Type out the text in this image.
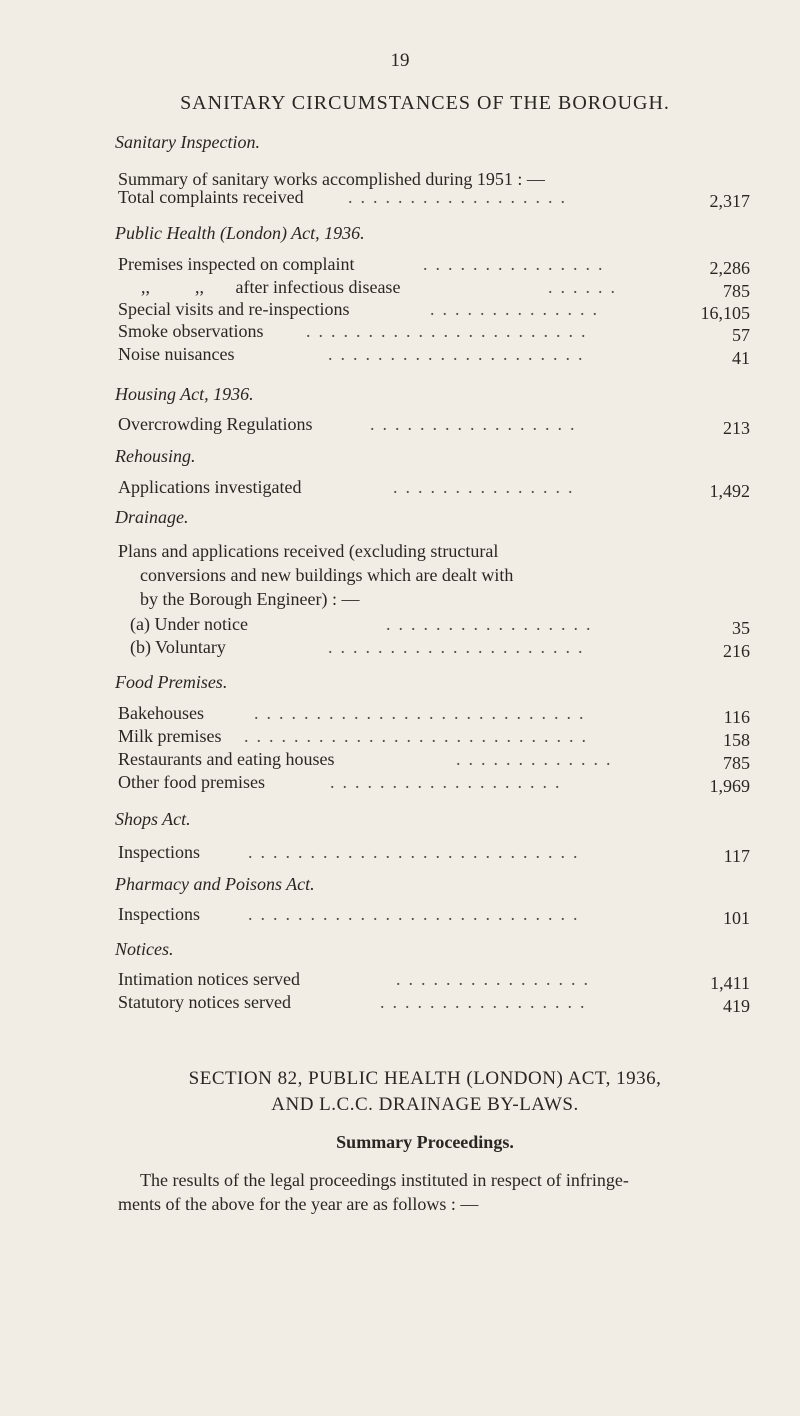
19
SANITARY CIRCUMSTANCES OF THE BOROUGH.
Sanitary Inspection.
Summary of sanitary works accomplished during 1951 : —
Total complaints received ..................	2,317
Public Health (London) Act, 1936.
Premises inspected on complaint	...............	2,286
,,          ,,       after infectious disease	......	785
Special visits and re-inspections	..............	16,105
Smoke observations .......................	57
Noise nuisances	.....................	41
Housing Act, 1936.
Overcrowding Regulations	.................	213
Rehousing.
Applications investigated	...............	1,492
Drainage.
Plans and applications received (excluding structural
conversions and new buildings which are dealt with
by the Borough Engineer) : —
(a) Under notice	.................	35
(b) Voluntary	.....................	216
Food Premises.
Bakehouses	...........................	116
Milk premises ............................	158
Restaurants and eating houses	.............	785
Other food premises	...................	1,969
Shops Act.
Inspections	...........................	117
Pharmacy and Poisons Act.
Inspections	...........................	101
Notices.
Intimation notices served	................	1,411
Statutory notices served	.................	419
SECTION 82, PUBLIC HEALTH (LONDON) ACT, 1936,
AND L.C.C. DRAINAGE BY-LAWS.
Summary Proceedings.
The results of the legal proceedings instituted in respect of infringe-
ments of the above for the year are as follows : —
